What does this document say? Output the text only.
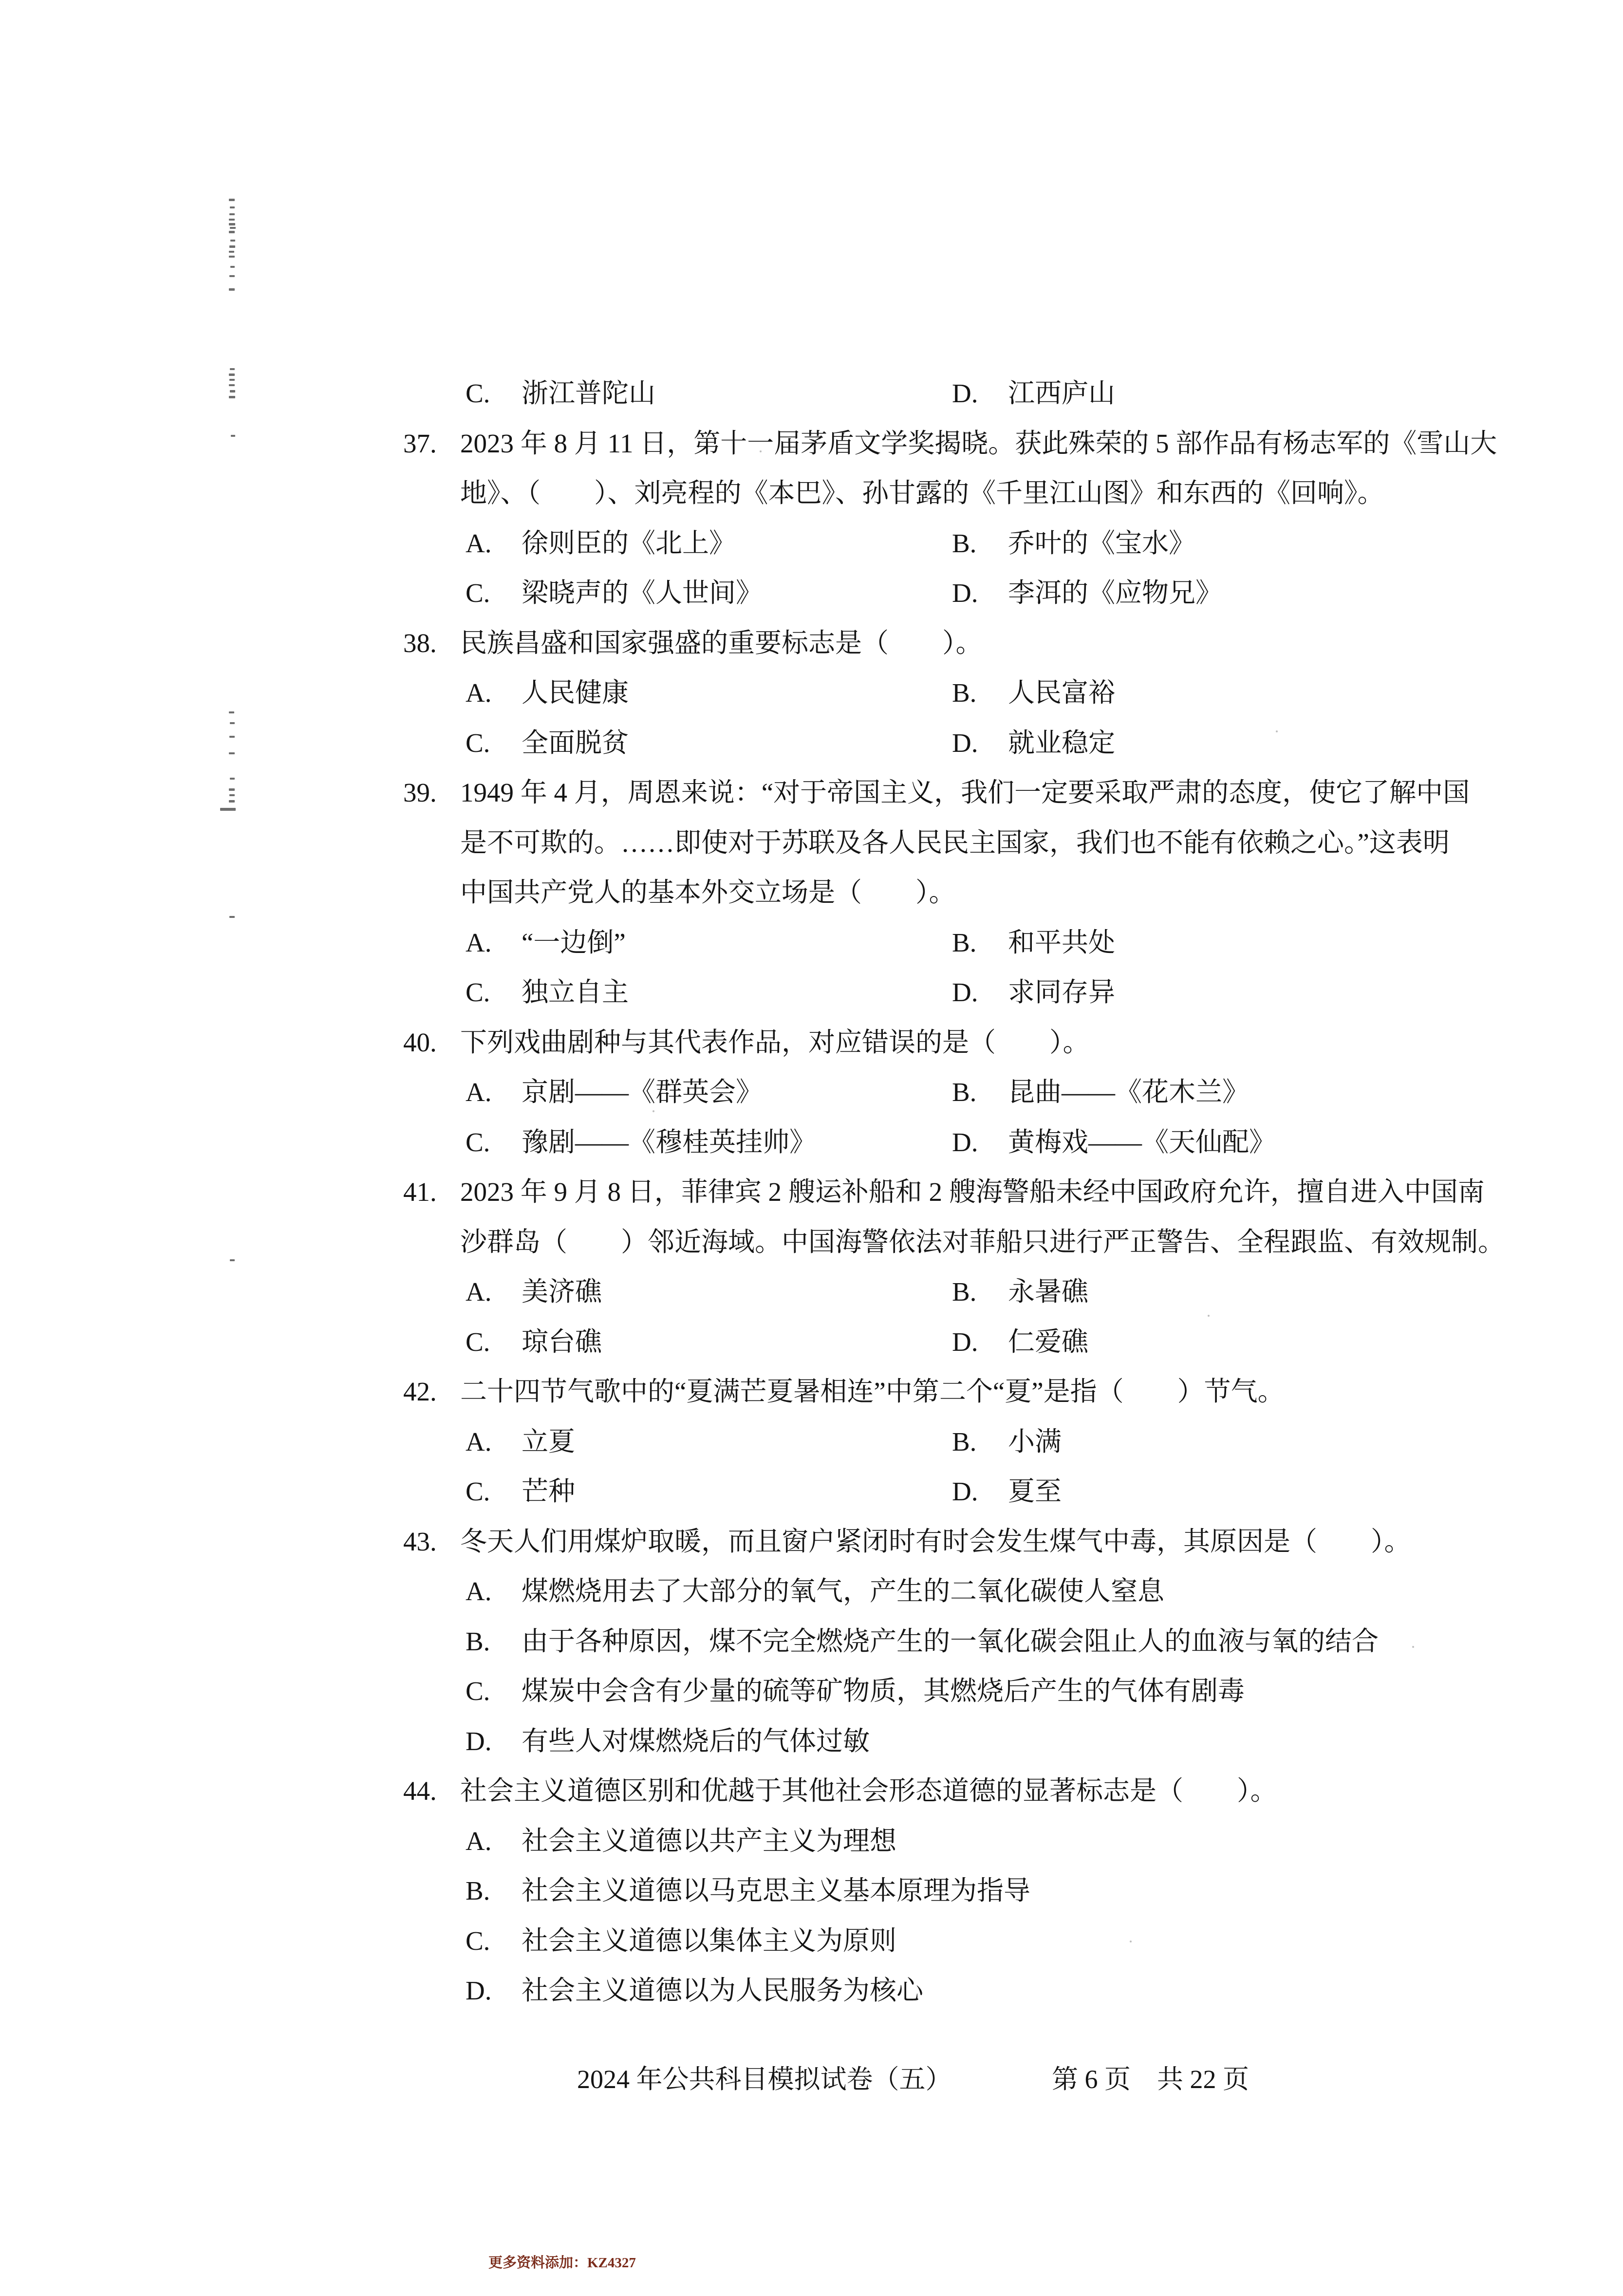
C. 浙江普陀山	D. 江西庐山
37. 2023 年 8 月 11 日，第十一届茅盾文学奖揭晓。获此殊荣的 5 部作品有杨志军的《雪山大
地》、（　　）、刘亮程的《本巴》、孙甘露的《千里江山图》和东西的《回响》。
A. 徐则臣的《北上》	B. 乔叶的《宝水》
C. 梁晓声的《人世间》	D. 李洱的《应物兄》
38. 民族昌盛和国家强盛的重要标志是（　　）。
A. 人民健康	B. 人民富裕
C. 全面脱贫	D. 就业稳定
39. 1949 年 4 月，周恩来说：“对于帝国主义，我们一定要采取严肃的态度，使它了解中国
是不可欺的。……即使对于苏联及各人民民主国家，我们也不能有依赖之心。”这表明
中国共产党人的基本外交立场是（　　）。
A. “一边倒”	B. 和平共处
C. 独立自主	D. 求同存异
40. 下列戏曲剧种与其代表作品，对应错误的是（　　）。
A. 京剧——《群英会》	B. 昆曲——《花木兰》
C. 豫剧——《穆桂英挂帅》	D. 黄梅戏——《天仙配》
41. 2023 年 9 月 8 日，菲律宾 2 艘运补船和 2 艘海警船未经中国政府允许，擅自进入中国南
沙群岛（　　）邻近海域。中国海警依法对菲船只进行严正警告、全程跟监、有效规制。
A. 美济礁	B. 永暑礁
C. 琼台礁	D. 仁爱礁
42. 二十四节气歌中的“夏满芒夏暑相连”中第二个“夏”是指（　　）节气。
A. 立夏	B. 小满
C. 芒种	D. 夏至
43. 冬天人们用煤炉取暖，而且窗户紧闭时有时会发生煤气中毒，其原因是（　　）。
A. 煤燃烧用去了大部分的氧气，产生的二氧化碳使人窒息
B. 由于各种原因，煤不完全燃烧产生的一氧化碳会阻止人的血液与氧的结合
C. 煤炭中会含有少量的硫等矿物质，其燃烧后产生的气体有剧毒
D. 有些人对煤燃烧后的气体过敏
44. 社会主义道德区别和优越于其他社会形态道德的显著标志是（　　）。
A. 社会主义道德以共产主义为理想
B. 社会主义道德以马克思主义基本原理为指导
C. 社会主义道德以集体主义为原则
D. 社会主义道德以为人民服务为核心
2024 年公共科目模拟试卷（五）	第 6 页　共 22 页
更多资料添加：KZ4327
